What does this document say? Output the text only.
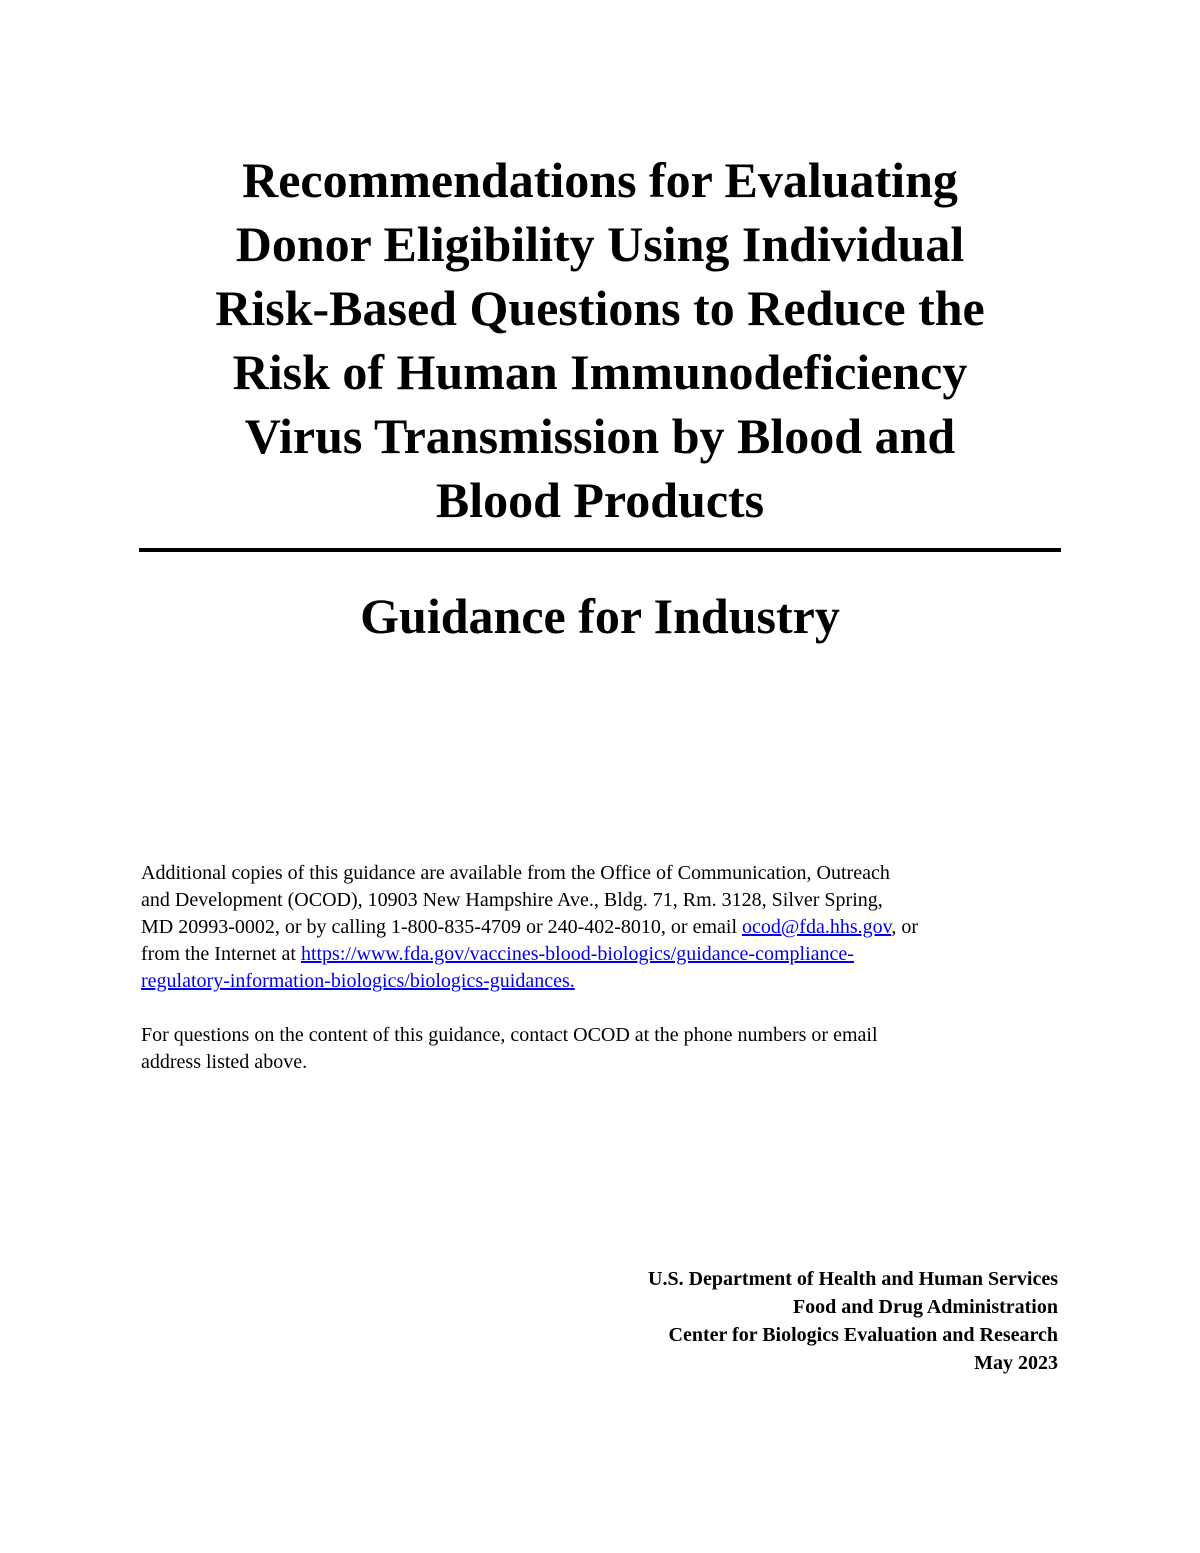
Recommendations for Evaluating
Donor Eligibility Using Individual
Risk-Based Questions to Reduce the
Risk of Human Immunodeficiency
Virus Transmission by Blood and
Blood Products
Guidance for Industry

Additional copies of this guidance are available from the Office of Communication, Outreach
and Development (OCOD), 10903 New Hampshire Ave., Bldg. 71, Rm. 3128, Silver Spring,
MD 20993-0002, or by calling 1-800-835-4709 or 240-402-8010, or email ocod@fda.hhs.gov, or
from the Internet at https://www.fda.gov/vaccines-blood-biologics/guidance-compliance-
regulatory-information-biologics/biologics-guidances.

For questions on the content of this guidance, contact OCOD at the phone numbers or email
address listed above.

U.S. Department of Health and Human Services
Food and Drug Administration
Center for Biologics Evaluation and Research
May 2023
